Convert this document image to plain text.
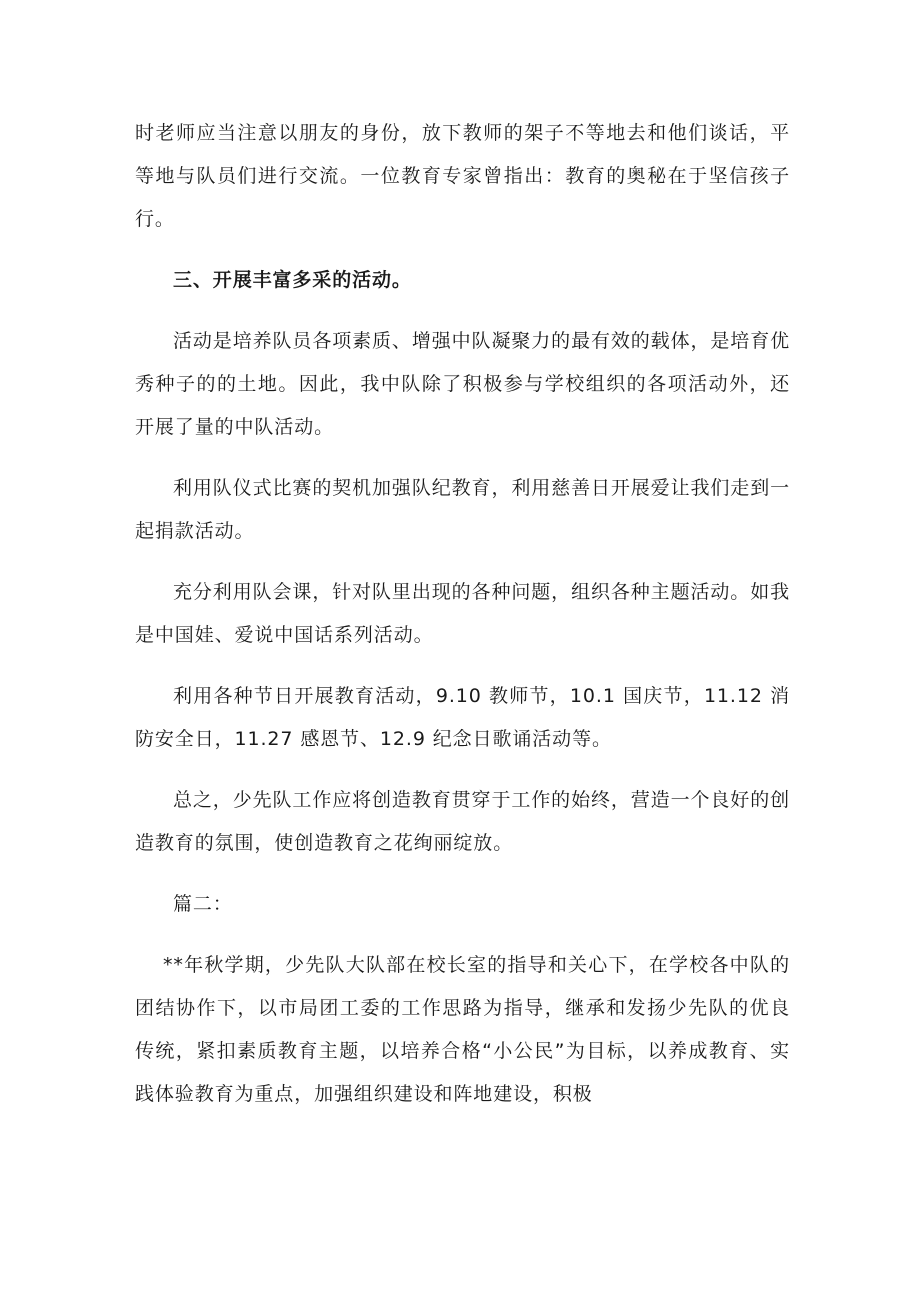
时老师应当注意以朋友的身份，放下教师的架子不等地去和他们谈话，平等地与队员们进行交流。一位教育专家曾指出：教育的奥秘在于坚信孩子行。

三、开展丰富多采的活动。

活动是培养队员各项素质、增强中队凝聚力的最有效的载体，是培育优秀种子的的土地。因此，我中队除了积极参与学校组织的各项活动外，还开展了量的中队活动。

利用队仪式比赛的契机加强队纪教育，利用慈善日开展爱让我们走到一起捐款活动。

充分利用队会课，针对队里出现的各种问题，组织各种主题活动。如我是中国娃、爱说中国话系列活动。

利用各种节日开展教育活动，9.10 教师节，10.1 国庆节，11.12 消防安全日，11.27 感恩节、12.9 纪念日歌诵活动等。

总之，少先队工作应将创造教育贯穿于工作的始终，营造一个良好的创造教育的氛围，使创造教育之花绚丽绽放。

篇二：

**年秋学期，少先队大队部在校长室的指导和关心下，在学校各中队的团结协作下，以市局团工委的工作思路为指导，继承和发扬少先队的优良传统，紧扣素质教育主题，以培养合格“小公民”为目标，以养成教育、实践体验教育为重点，加强组织建设和阵地建设，积极
